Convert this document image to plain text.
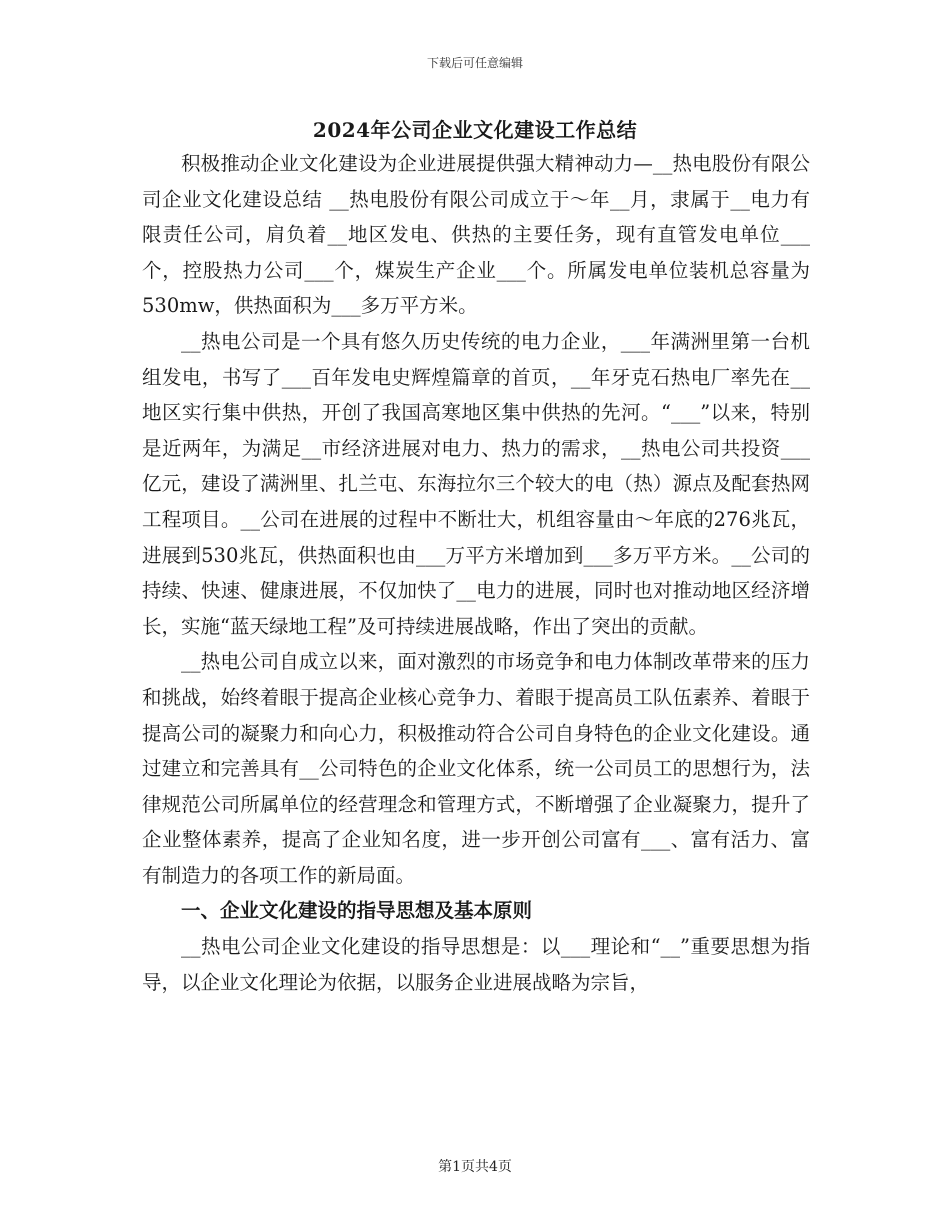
下载后可任意编辑
2024年公司企业文化建设工作总结

积极推动企业文化建设为企业进展提供强大精神动力—__热电股份有限公司企业文化建设总结 __热电股份有限公司成立于～年__月，隶属于__电力有限责任公司，肩负着__地区发电、供热的主要任务，现有直管发电单位___个，控股热力公司___个，煤炭生产企业___个。所属发电单位装机总容量为530mw，供热面积为___多万平方米。

__热电公司是一个具有悠久历史传统的电力企业，___年满洲里第一台机组发电，书写了___百年发电史辉煌篇章的首页，__年牙克石热电厂率先在__地区实行集中供热，开创了我国高寒地区集中供热的先河。“___”以来，特别是近两年，为满足__市经济进展对电力、热力的需求，__热电公司共投资___亿元，建设了满洲里、扎兰屯、东海拉尔三个较大的电（热）源点及配套热网工程项目。__公司在进展的过程中不断壮大，机组容量由～年底的276兆瓦，进展到530兆瓦，供热面积也由___万平方米增加到___多万平方米。__公司的持续、快速、健康进展，不仅加快了__电力的进展，同时也对推动地区经济增长，实施“蓝天绿地工程”及可持续进展战略，作出了突出的贡献。

__热电公司自成立以来，面对激烈的市场竞争和电力体制改革带来的压力和挑战，始终着眼于提高企业核心竞争力、着眼于提高员工队伍素养、着眼于提高公司的凝聚力和向心力，积极推动符合公司自身特色的企业文化建设。通过建立和完善具有__公司特色的企业文化体系，统一公司员工的思想行为，法律规范公司所属单位的经营理念和管理方式，不断增强了企业凝聚力，提升了企业整体素养，提高了企业知名度，进一步开创公司富有___、富有活力、富有制造力的各项工作的新局面。

一、企业文化建设的指导思想及基本原则

__热电公司企业文化建设的指导思想是：以___理论和“__”重要思想为指导，以企业文化理论为依据，以服务企业进展战略为宗旨，

第1页共4页
